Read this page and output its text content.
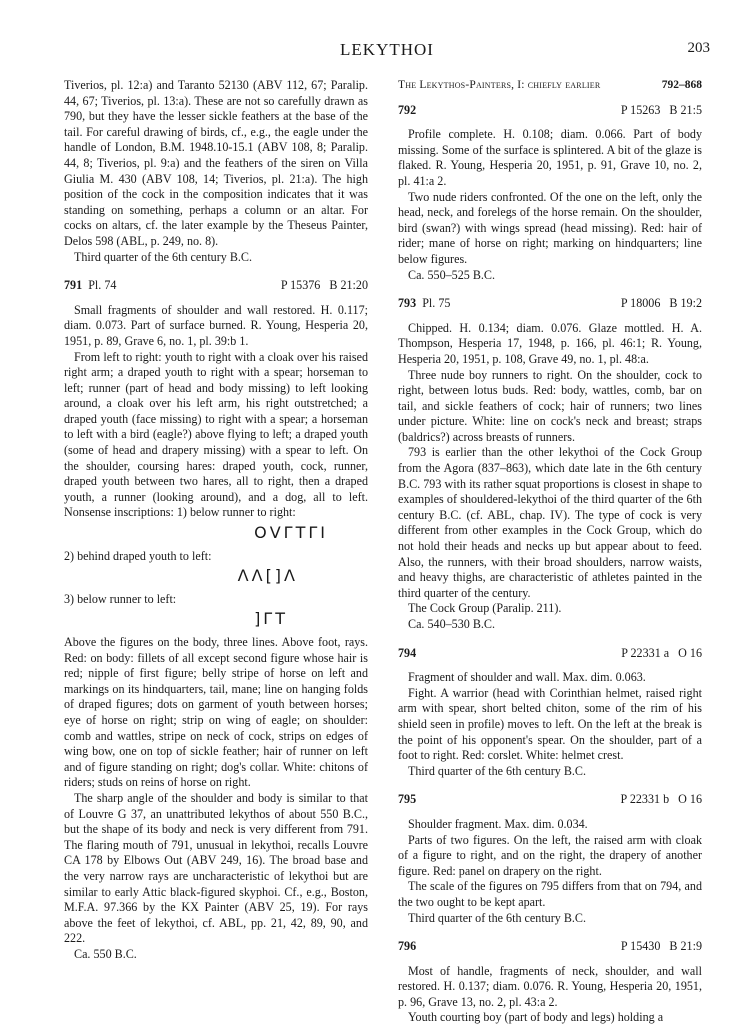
LEKYTHOI	203

Tiverios, pl. 12:a) and Taranto 52130 (ABV 112, 67; Paralip. 44, 67; Tiverios, pl. 13:a). These are not so carefully drawn as 790, but they have the lesser sickle feathers at the base of the tail. For careful drawing of birds, cf., e.g., the eagle under the handle of London, B.M. 1948.10-15.1 (ABV 108, 8; Paralip. 44, 8; Tiverios, pl. 9:a) and the feathers of the siren on Villa Giulia M. 430 (ABV 108, 14; Tiverios, pl. 21:a). The high position of the cock in the composition indicates that it was standing on something, perhaps a column or an altar. For cocks on altars, cf. the later example by the Theseus Painter, Delos 598 (ABL, p. 249, no. 8).

Third quarter of the 6th century B.C.

791 Pl. 74	P 15376 B 21:20

Small fragments of shoulder and wall restored. H. 0.117; diam. 0.073. Part of surface burned. R. Young, Hesperia 20, 1951, p. 89, Grave 6, no. 1, pl. 39:b 1.

From left to right: youth to right with a cloak over his raised right arm; a draped youth to right with a spear; horseman to left; runner (part of head and body missing) to left looking around, a cloak over his left arm, his right outstretched; a draped youth (face missing) to right with a spear; a horseman to left with a bird (eagle?) above flying to left; a draped youth (some of head and drapery missing) with a spear to left. On the shoulder, coursing hares: draped youth, cock, runner, draped youth between two hares, all to right, then a draped youth, a runner (looking around), and a dog, all to left. Nonsense inscriptions: 1) below runner to right:

ΟVΓΤΓΙ

2) behind draped youth to left:

ΛΛ[]Λ

3) below runner to left:

]ΓΤ

Above the figures on the body, three lines. Above foot, rays. Red: on body: fillets of all except second figure whose hair is red; nipple of first figure; belly stripe of horse on left and markings on its hindquarters, tail, mane; line on hanging folds of draped figures; dots on garment of youth between horses; eye of horse on right; strip on wing of eagle; on shoulder: comb and wattles, stripe on neck of cock, strips on edges of wing bow, one on top of sickle feather; hair of runner on left and of figure standing on right; dog's collar. White: chitons of riders; studs on reins of horse on right.

The sharp angle of the shoulder and body is similar to that of Louvre G 37, an unattributed lekythos of about 550 B.C., but the shape of its body and neck is very different from 791. The flaring mouth of 791, unusual in lekythoi, recalls Louvre CA 178 by Elbows Out (ABV 249, 16). The broad base and the very narrow rays are uncharacteristic of lekythoi but are similar to early Attic black-figured skyphoi. Cf., e.g., Boston, M.F.A. 97.366 by the KX Painter (ABV 25, 19). For rays above the feet of lekythoi, cf. ABL, pp. 21, 42, 89, 90, and 222.

Ca. 550 B.C.

The Lekythos-Painters, I: chiefly earlier	792–868
792	P 15263 B 21:5

Profile complete. H. 0.108; diam. 0.066. Part of body missing. Some of the surface is splintered. A bit of the glaze is flaked. R. Young, Hesperia 20, 1951, p. 91, Grave 10, no. 2, pl. 41:a 2.

Two nude riders confronted. Of the one on the left, only the head, neck, and forelegs of the horse remain. On the shoulder, bird (swan?) with wings spread (head missing). Red: hair of rider; mane of horse on right; marking on hindquarters; line below figures.

Ca. 550–525 B.C.

793 Pl. 75	P 18006 B 19:2

Chipped. H. 0.134; diam. 0.076. Glaze mottled. H. A. Thompson, Hesperia 17, 1948, p. 166, pl. 46:1; R. Young, Hesperia 20, 1951, p. 108, Grave 49, no. 1, pl. 48:a.

Three nude boy runners to right. On the shoulder, cock to right, between lotus buds. Red: body, wattles, comb, bar on tail, and sickle feathers of cock; hair of runners; two lines under picture. White: line on cock's neck and breast; straps (baldrics?) across breasts of runners.

793 is earlier than the other lekythoi of the Cock Group from the Agora (837–863), which date late in the 6th century B.C. 793 with its rather squat proportions is closest in shape to examples of shouldered-lekythoi of the third quarter of the 6th century B.C. (cf. ABL, chap. IV). The type of cock is very different from other examples in the Cock Group, which do not hold their heads and necks up but appear about to feed. Also, the runners, with their broad shoulders, narrow waists, and heavy thighs, are characteristic of athletes painted in the third quarter of the century.

The Cock Group (Paralip. 211).

Ca. 540–530 B.C.

794	P 22331 a O 16

Fragment of shoulder and wall. Max. dim. 0.063.

Fight. A warrior (head with Corinthian helmet, raised right arm with spear, short belted chiton, some of the rim of his shield seen in profile) moves to left. On the left at the break is the point of his opponent's spear. On the shoulder, part of a foot to right. Red: corslet. White: helmet crest.

Third quarter of the 6th century B.C.

795	P 22331 b O 16

Shoulder fragment. Max. dim. 0.034.

Parts of two figures. On the left, the raised arm with cloak of a figure to right, and on the right, the drapery of another figure. Red: panel on drapery on the right.

The scale of the figures on 795 differs from that on 794, and the two ought to be kept apart.

Third quarter of the 6th century B.C.

796	P 15430 B 21:9

Most of handle, fragments of neck, shoulder, and wall restored. H. 0.137; diam. 0.076. R. Young, Hesperia 20, 1951, p. 96, Grave 13, no. 2, pl. 43:a 2.

Youth courting boy (part of body and legs) holding a
